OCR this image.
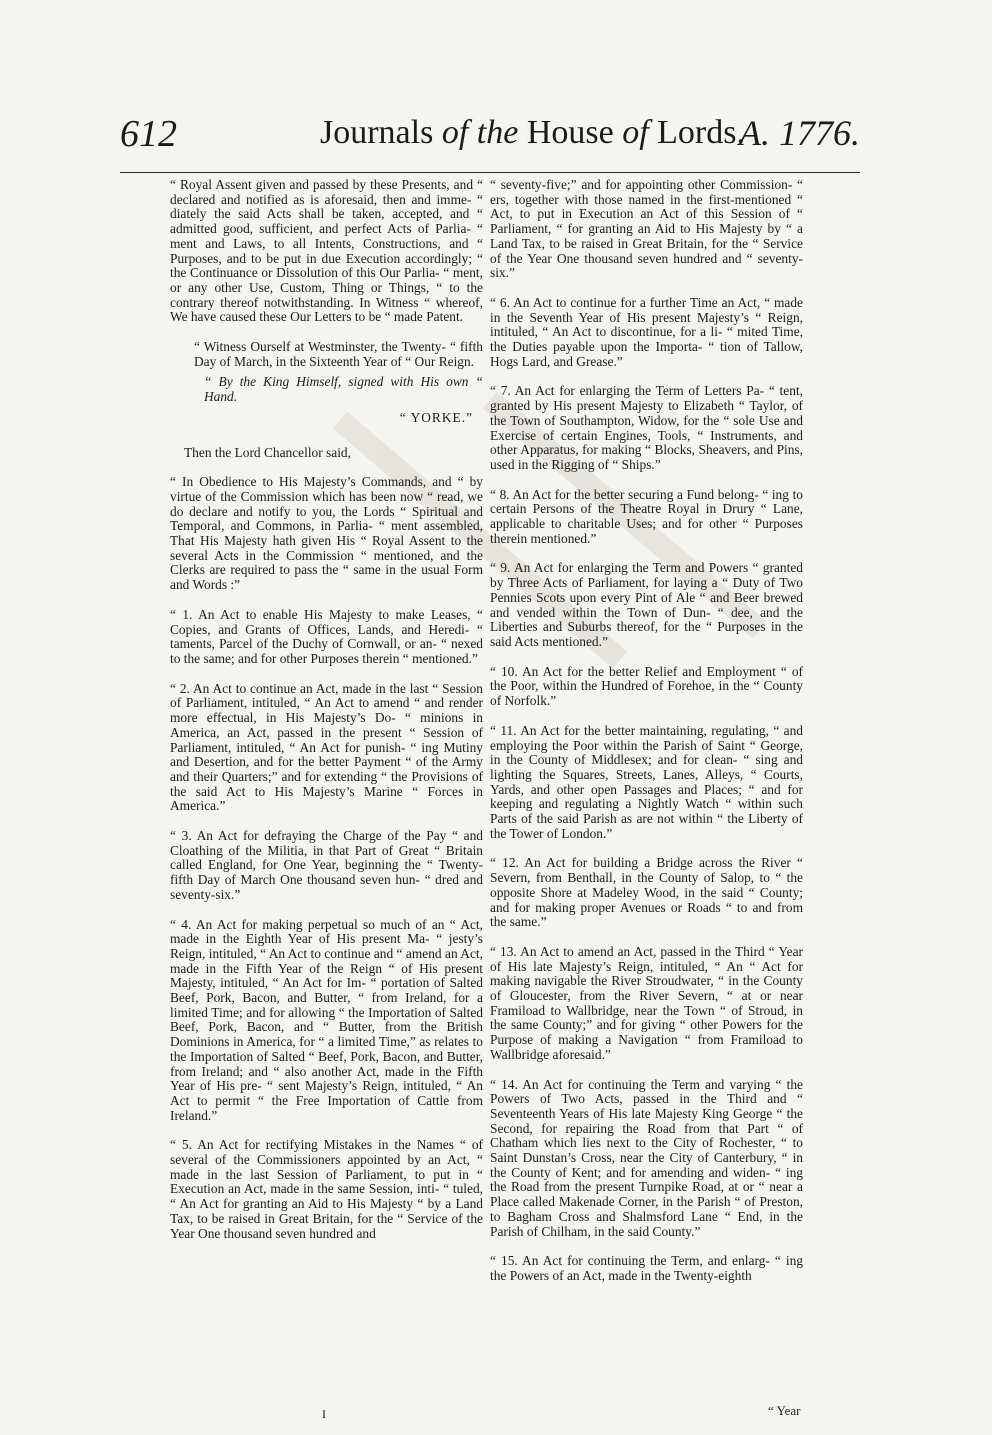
612	Journals of the House of Lords.
A. 1776.

“ Royal Assent given and passed by these Presents, and “ declared and notified as is aforesaid, then and imme- “ diately the said Acts shall be taken, accepted, and “ admitted good, sufficient, and perfect Acts of Parlia- “ ment and Laws, to all Intents, Constructions, and “ Purposes, and to be put in due Execution accordingly; “ the Continuance or Dissolution of this Our Parlia- “ ment, or any other Use, Custom, Thing or Things, “ to the contrary thereof notwithstanding. In Witness “ whereof, We have caused these Our Letters to be “ made Patent.

“ Witness Ourself at Westminster, the Twenty- “ fifth Day of March, in the Sixteenth Year of “ Our Reign.

“ By the King Himself, signed with His own “ Hand.

“ YORKE.”

Then the Lord Chancellor said,

“ In Obedience to His Majesty’s Commands, and “ by virtue of the Commission which has been now “ read, we do declare and notify to you, the Lords “ Spiritual and Temporal, and Commons, in Parlia- “ ment assembled, That His Majesty hath given His “ Royal Assent to the several Acts in the Commission “ mentioned, and the Clerks are required to pass the “ same in the usual Form and Words :”

“ 1. An Act to enable His Majesty to make Leases, “ Copies, and Grants of Offices, Lands, and Heredi- “ taments, Parcel of the Duchy of Cornwall, or an- “ nexed to the same; and for other Purposes therein “ mentioned.”

“ 2. An Act to continue an Act, made in the last “ Session of Parliament, intituled, “ An Act to amend “ and render more effectual, in His Majesty’s Do- “ minions in America, an Act, passed in the present “ Session of Parliament, intituled, “ An Act for punish- “ ing Mutiny and Desertion, and for the better Payment “ of the Army and their Quarters;” and for extending “ the Provisions of the said Act to His Majesty’s Marine “ Forces in America.”

“ 3. An Act for defraying the Charge of the Pay “ and Cloathing of the Militia, in that Part of Great “ Britain called England, for One Year, beginning the “ Twenty-fifth Day of March One thousand seven hun- “ dred and seventy-six.”

“ 4. An Act for making perpetual so much of an “ Act, made in the Eighth Year of His present Ma- “ jesty’s Reign, intituled, “ An Act to continue and “ amend an Act, made in the Fifth Year of the Reign “ of His present Majesty, intituled, “ An Act for Im- “ portation of Salted Beef, Pork, Bacon, and Butter, “ from Ireland, for a limited Time; and for allowing “ the Importation of Salted Beef, Pork, Bacon, and “ Butter, from the British Dominions in America, for “ a limited Time,” as relates to the Importation of Salted “ Beef, Pork, Bacon, and Butter, from Ireland; and “ also another Act, made in the Fifth Year of His pre- “ sent Majesty’s Reign, intituled, “ An Act to permit “ the Free Importation of Cattle from Ireland.”

“ 5. An Act for rectifying Mistakes in the Names “ of several of the Commissioners appointed by an Act, “ made in the last Session of Parliament, to put in “ Execution an Act, made in the same Session, inti- “ tuled, “ An Act for granting an Aid to His Majesty “ by a Land Tax, to be raised in Great Britain, for the “ Service of the Year One thousand seven hundred and

“ seventy-five;” and for appointing other Commission- “ ers, together with those named in the first-mentioned “ Act, to put in Execution an Act of this Session of “ Parliament, “ for granting an Aid to His Majesty by “ a Land Tax, to be raised in Great Britain, for the “ Service of the Year One thousand seven hundred and “ seventy-six.”

“ 6. An Act to continue for a further Time an Act, “ made in the Seventh Year of His present Majesty’s “ Reign, intituled, “ An Act to discontinue, for a li- “ mited Time, the Duties payable upon the Importa- “ tion of Tallow, Hogs Lard, and Grease.”

“ 7. An Act for enlarging the Term of Letters Pa- “ tent, granted by His present Majesty to Elizabeth “ Taylor, of the Town of Southampton, Widow, for the “ sole Use and Exercise of certain Engines, Tools, “ Instruments, and other Apparatus, for making “ Blocks, Sheavers, and Pins, used in the Rigging of “ Ships.”

“ 8. An Act for the better securing a Fund belong- “ ing to certain Persons of the Theatre Royal in Drury “ Lane, applicable to charitable Uses; and for other “ Purposes therein mentioned.”

“ 9. An Act for enlarging the Term and Powers “ granted by Three Acts of Parliament, for laying a “ Duty of Two Pennies Scots upon every Pint of Ale “ and Beer brewed and vended within the Town of Dun- “ dee, and the Liberties and Suburbs thereof, for the “ Purposes in the said Acts mentioned.”

“ 10. An Act for the better Relief and Employment “ of the Poor, within the Hundred of Forehoe, in the “ County of Norfolk.”

“ 11. An Act for the better maintaining, regulating, “ and employing the Poor within the Parish of Saint “ George, in the County of Middlesex; and for clean- “ sing and lighting the Squares, Streets, Lanes, Alleys, “ Courts, Yards, and other open Passages and Places; “ and for keeping and regulating a Nightly Watch “ within such Parts of the said Parish as are not within “ the Liberty of the Tower of London.”

“ 12. An Act for building a Bridge across the River “ Severn, from Benthall, in the County of Salop, to “ the opposite Shore at Madeley Wood, in the said “ County; and for making proper Avenues or Roads “ to and from the same.”

“ 13. An Act to amend an Act, passed in the Third “ Year of His late Majesty’s Reign, intituled, “ An “ Act for making navigable the River Stroudwater, “ in the County of Gloucester, from the River Severn, “ at or near Framiload to Wallbridge, near the Town “ of Stroud, in the same County;” and for giving “ other Powers for the Purpose of making a Navigation “ from Framiload to Wallbridge aforesaid.”

“ 14. An Act for continuing the Term and varying “ the Powers of Two Acts, passed in the Third and “ Seventeenth Years of His late Majesty King George “ the Second, for repairing the Road from that Part “ of Chatham which lies next to the City of Rochester, “ to Saint Dunstan’s Cross, near the City of Canterbury, “ in the County of Kent; and for amending and widen- “ ing the Road from the present Turnpike Road, at or “ near a Place called Makenade Corner, in the Parish “ of Preston, to Bagham Cross and Shalmsford Lane “ End, in the Parish of Chilham, in the said County.”

“ 15. An Act for continuing the Term, and enlarg- “ ing the Powers of an Act, made in the Twenty-eighth

I	“ Year
